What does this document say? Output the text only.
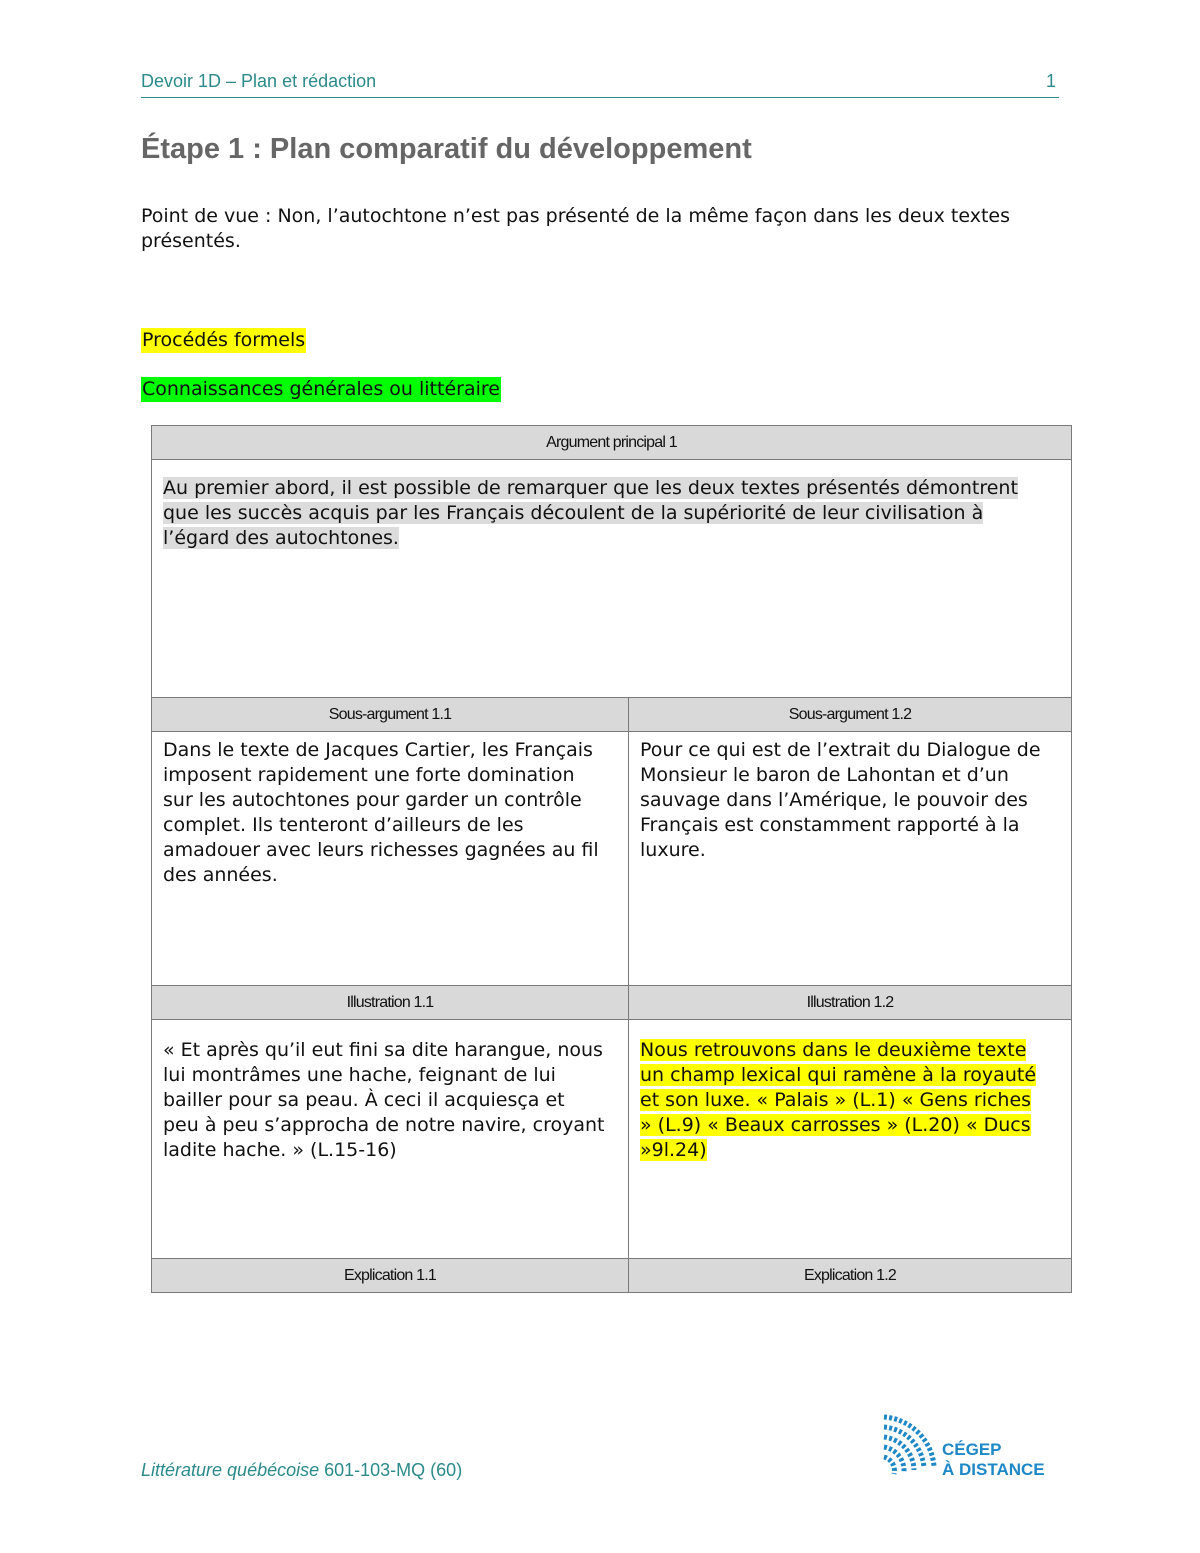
Devoir 1D – Plan et rédaction	1
Étape 1 : Plan comparatif du développement
Point de vue : Non, l’autochtone n’est pas présenté de la même façon dans les deux textes présentés.
Procédés formels
Connaissances générales ou littéraire
Argument principal 1	

Au premier abord, il est possible de remarquer que les deux textes présentés démontrent que les succès acquis par les Français découlent de la supériorité de leur civilisation à l’égard des autochtones.	

Sous-argument 1.1	Sous-argument 1.2

Dans le texte de Jacques Cartier, les Français imposent rapidement une forte domination sur les autochtones pour garder un contrôle complet. Ils tenteront d’ailleurs de les amadouer avec leurs richesses gagnées au fil des années.	Pour ce qui est de l’extrait du Dialogue de Monsieur le baron de Lahontan et d’un sauvage dans l’Amérique, le pouvoir des Français est constamment rapporté à la luxure.

Illustration 1.1	Illustration 1.2

« Et après qu’il eut fini sa dite harangue, nous lui montrâmes une hache, feignant de lui bailler pour sa peau. À ceci il acquiesça et peu à peu s’approcha de notre navire, croyant ladite hache. » (L.15-16)	Nous retrouvons dans le deuxième texte un champ lexical qui ramène à la royauté et son luxe. « Palais » (L.1) « Gens riches » (L.9) « Beaux carrosses » (L.20) « Ducs »9l.24)

Explication 1.1	Explication 1.2
Littérature québécoise 601-103-MQ (60)
CÉGEP
À DISTANCE
